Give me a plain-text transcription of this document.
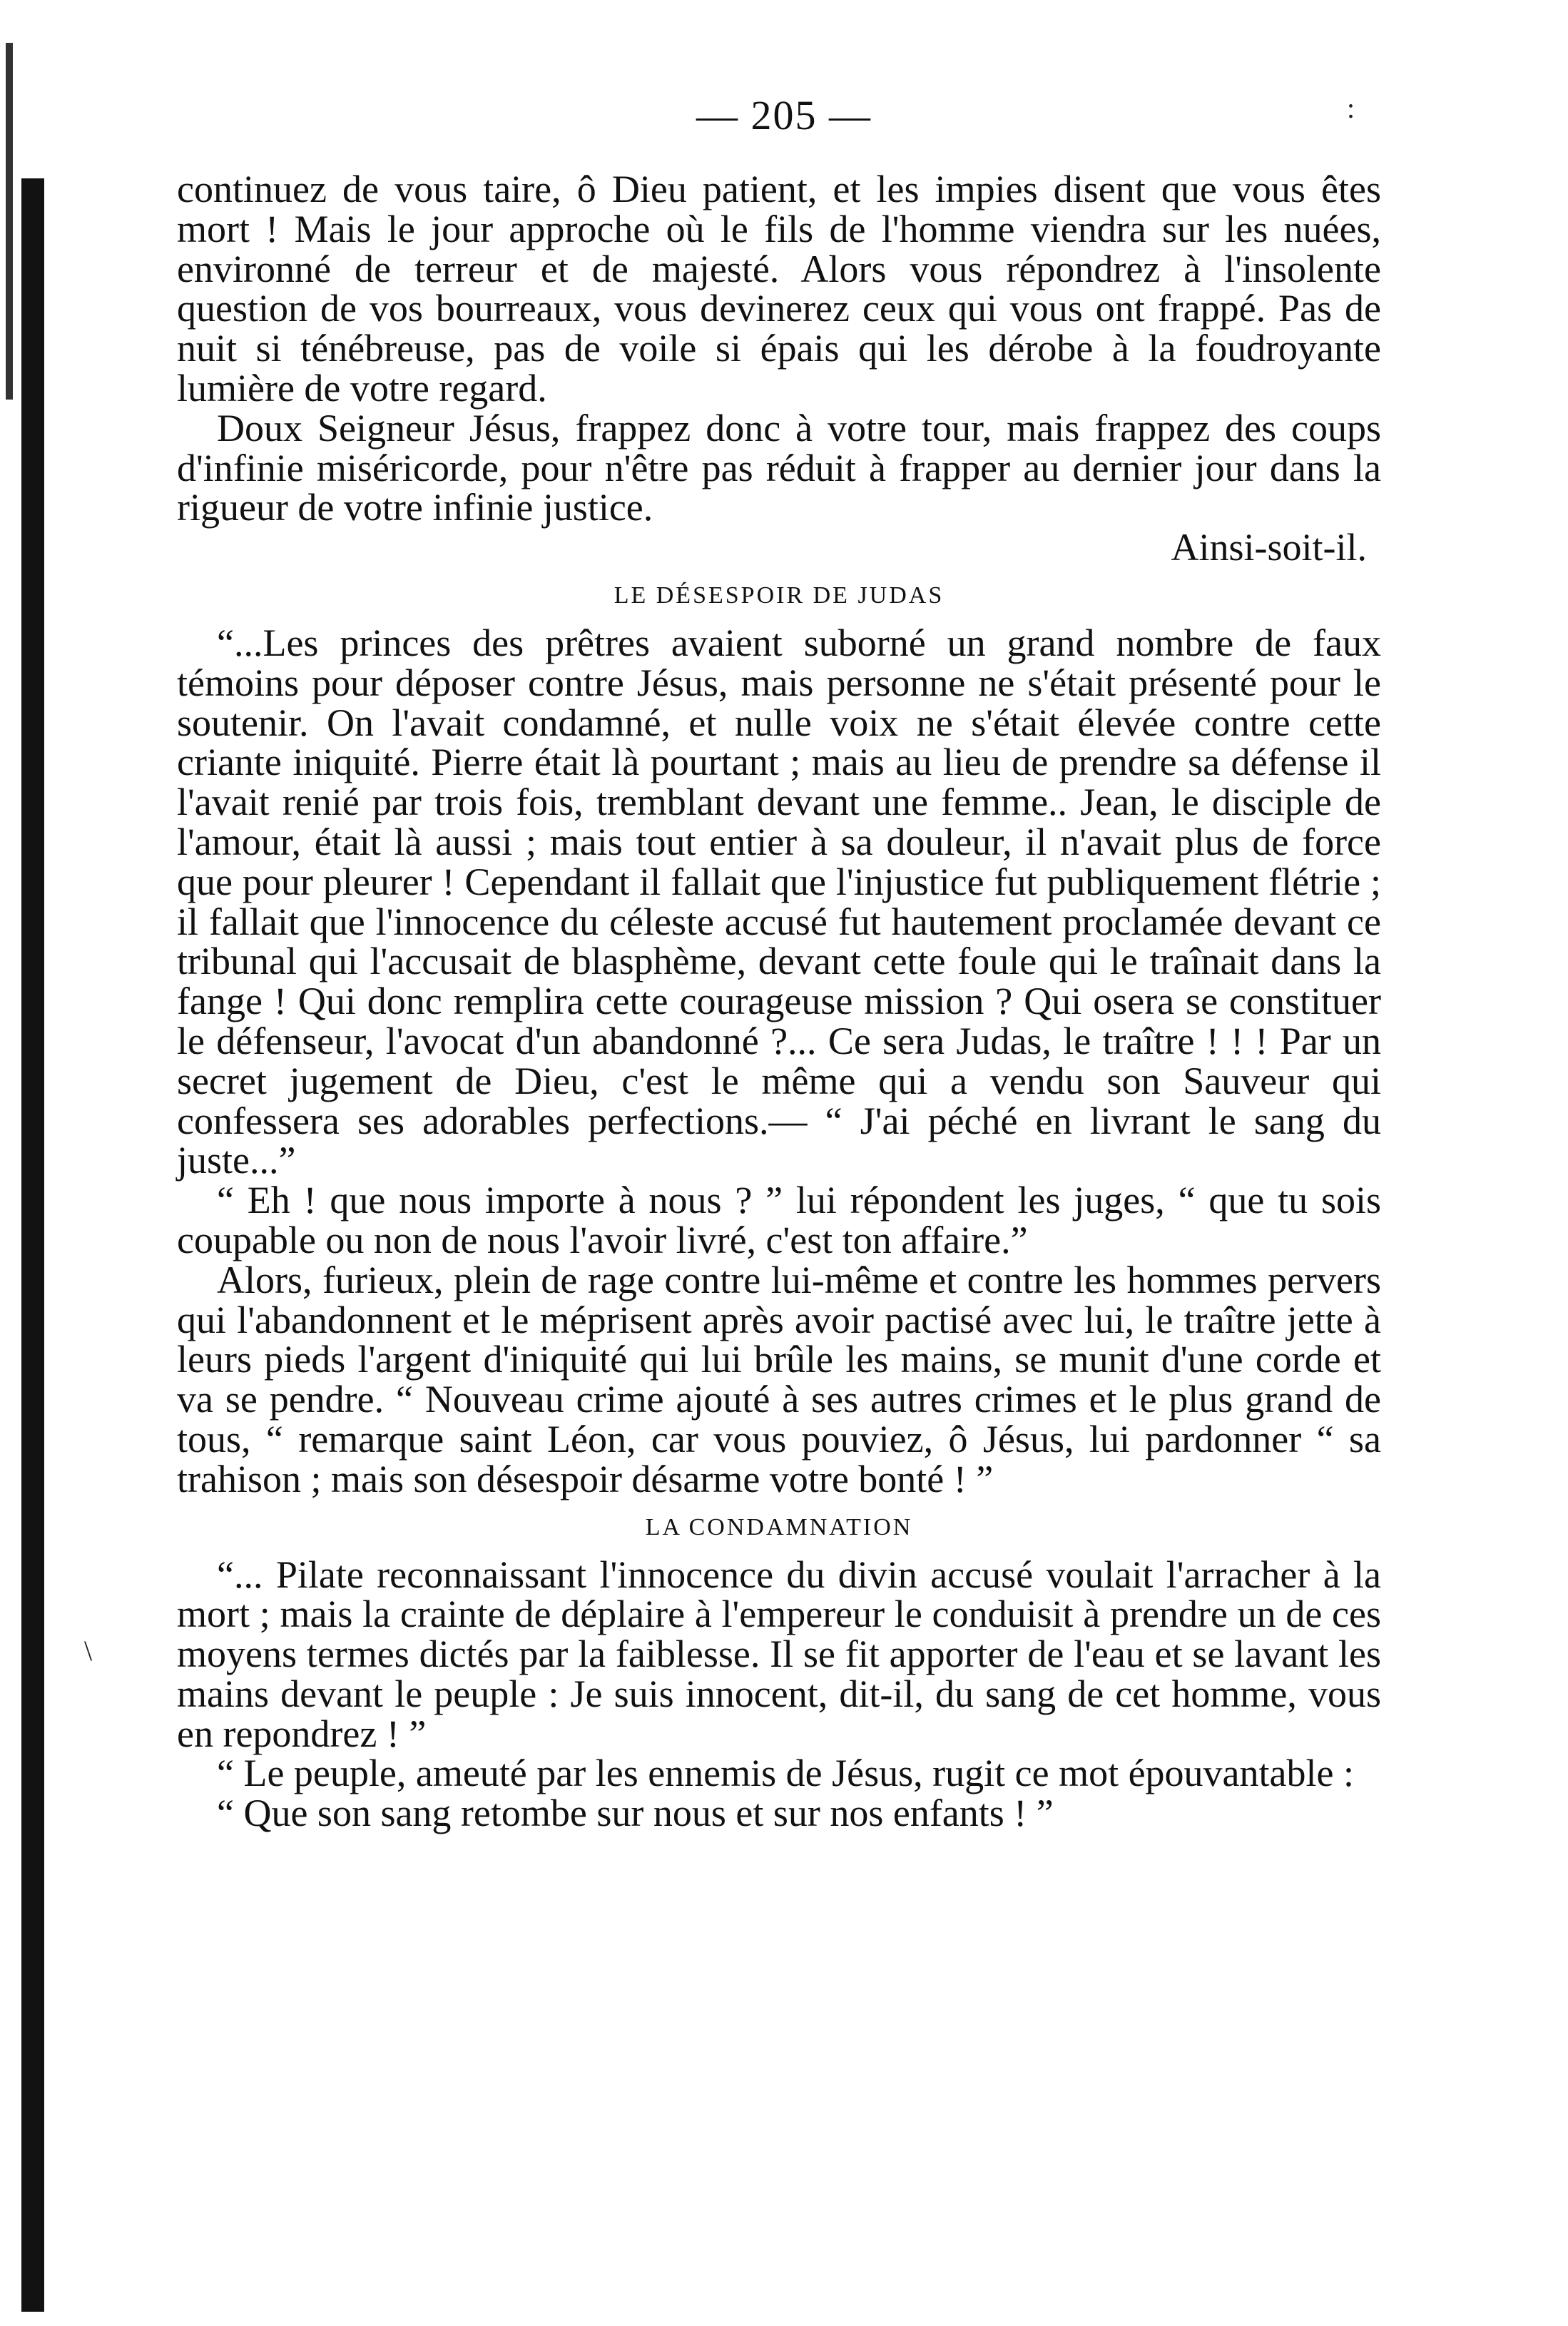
— 205 —	:
\

continuez de vous taire, ô Dieu patient, et les impies disent que vous êtes mort ! Mais le jour approche où le fils de l'homme viendra sur les nuées, environné de terreur et de majesté. Alors vous répondrez à l'insolente question de vos bourreaux, vous devinerez ceux qui vous ont frappé. Pas de nuit si ténébreuse, pas de voile si épais qui les dérobe à la foudroyante lumière de votre regard.

Doux Seigneur Jésus, frappez donc à votre tour, mais frappez des coups d'infinie miséricorde, pour n'être pas réduit à frapper au dernier jour dans la rigueur de votre infinie justice.

Ainsi-soit-il.

LE DÉSESPOIR DE JUDAS

“...Les princes des prêtres avaient suborné un grand nombre de faux témoins pour déposer contre Jésus, mais personne ne s'était présenté pour le soutenir. On l'avait condamné, et nulle voix ne s'était élevée contre cette criante iniquité. Pierre était là pourtant ; mais au lieu de prendre sa défense il l'avait renié par trois fois, tremblant devant une femme.. Jean, le disciple de l'amour, était là aussi ; mais tout entier à sa douleur, il n'avait plus de force que pour pleurer ! Cependant il fallait que l'injustice fut publiquement flétrie ; il fallait que l'innocence du céleste accusé fut hautement proclamée devant ce tribunal qui l'accusait de blasphème, devant cette foule qui le traînait dans la fange ! Qui donc remplira cette courageuse mission ? Qui osera se constituer le défenseur, l'avocat d'un abandonné ?... Ce sera Judas, le traître ! ! ! Par un secret jugement de Dieu, c'est le même qui a vendu son Sauveur qui confessera ses adorables perfections.— “ J'ai péché en livrant le sang du juste...”

“ Eh ! que nous importe à nous ? ” lui répondent les juges, “ que tu sois coupable ou non de nous l'avoir livré, c'est ton affaire.”

Alors, furieux, plein de rage contre lui-même et contre les hommes pervers qui l'abandonnent et le méprisent après avoir pactisé avec lui, le traître jette à leurs pieds l'argent d'iniquité qui lui brûle les mains, se munit d'une corde et va se pendre. “ Nouveau crime ajouté à ses autres crimes et le plus grand de tous, “ remarque saint Léon, car vous pouviez, ô Jésus, lui pardonner “ sa trahison ; mais son désespoir désarme votre bonté ! ”

LA CONDAMNATION

“... Pilate reconnaissant l'innocence du divin accusé voulait l'arracher à la mort ; mais la crainte de déplaire à l'empereur le conduisit à prendre un de ces moyens termes dictés par la faiblesse. Il se fit apporter de l'eau et se lavant les mains devant le peuple : Je suis innocent, dit-il, du sang de cet homme, vous en repondrez ! ”

“ Le peuple, ameuté par les ennemis de Jésus, rugit ce mot épouvantable :

“ Que son sang retombe sur nous et sur nos enfants ! ”
